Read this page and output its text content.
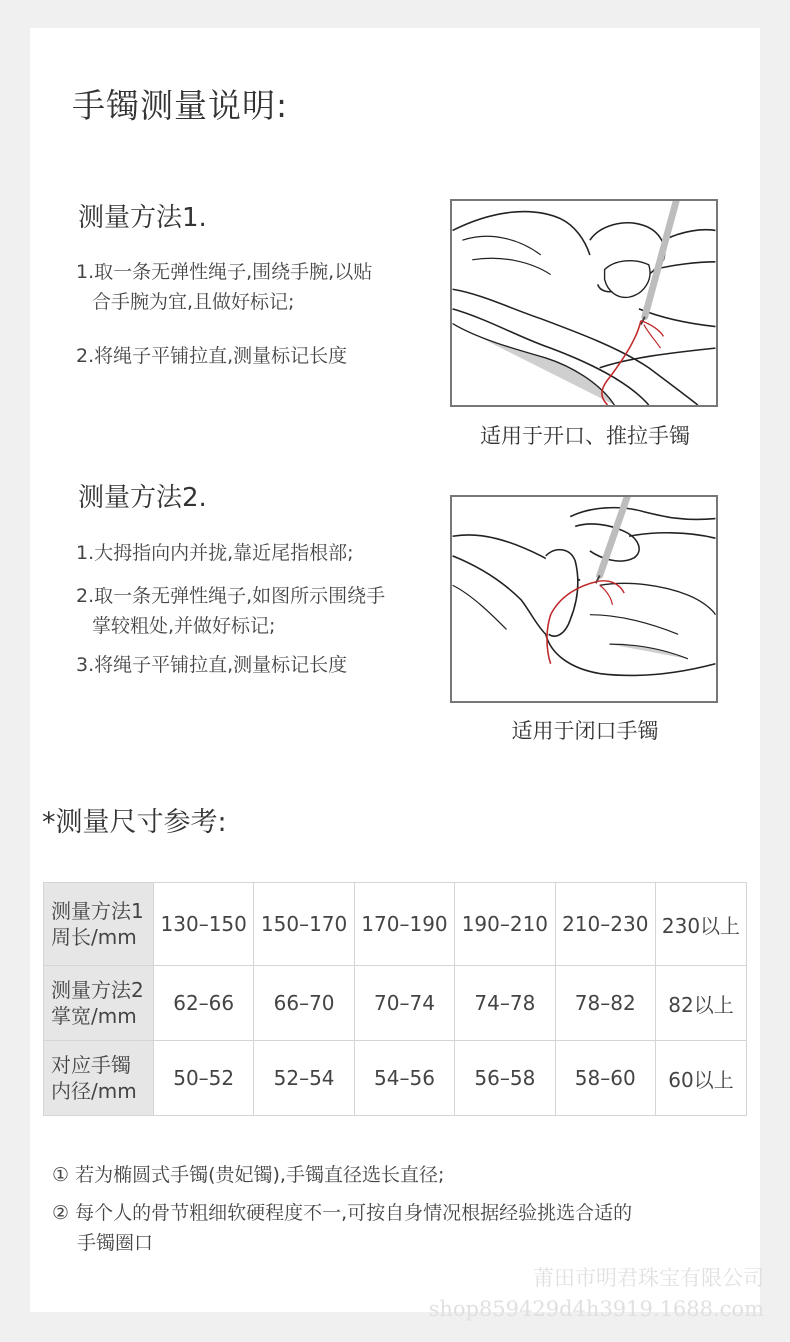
手镯测量说明:
测量方法1.
1.取一条无弹性绳子,围绕手腕,以贴
合手腕为宜,且做好标记;
2.将绳子平铺拉直,测量标记长度
适用于开口、推拉手镯
测量方法2.
1.大拇指向内并拢,靠近尾指根部;
2.取一条无弹性绳子,如图所示围绕手
掌较粗处,并做好标记;
3.将绳子平铺拉直,测量标记长度
适用于闭口手镯
*测量尺寸参考:
测量方法1
周长/mm	130–150	150–170	170–190	190–210	210–230	230以上
测量方法2
掌宽/mm	62–66	66–70	70–74	74–78	78–82	82以上
对应手镯
内径/mm	50–52	52–54	54–56	56–58	58–60	60以上
① 若为椭圆式手镯(贵妃镯),手镯直径选长直径;
② 每个人的骨节粗细软硬程度不一,可按自身情况根据经验挑选合适的
手镯圈口
莆田市明君珠宝有限公司
shop859429d4h3919.1688.com
